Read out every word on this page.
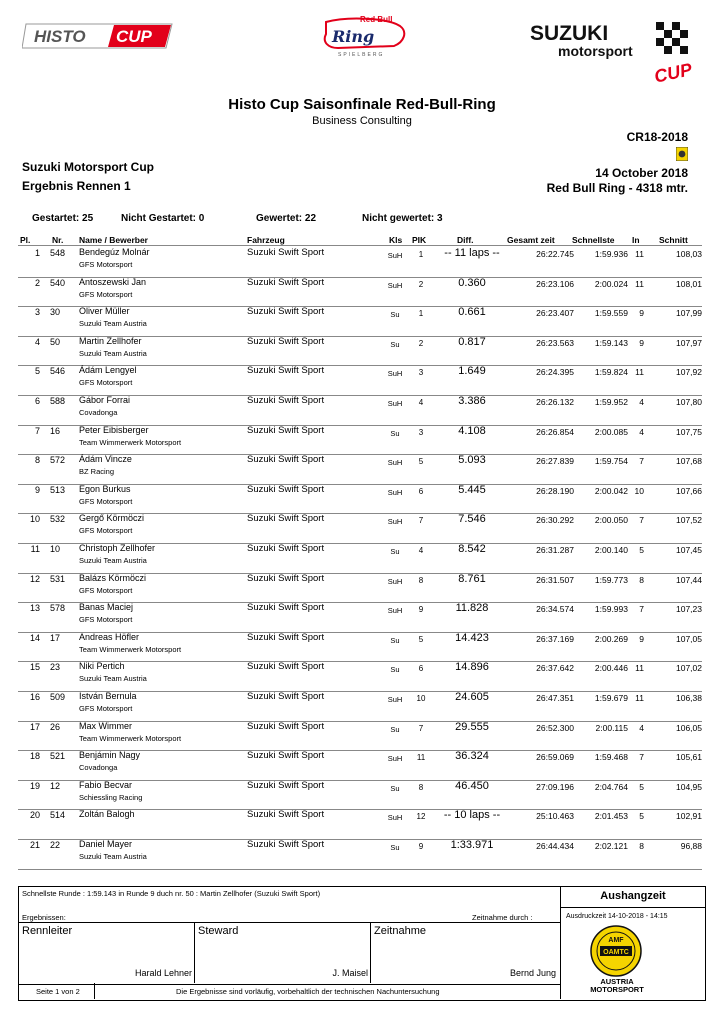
HISTO CUP
Red Bull
Ring
SPIELBERG
SUZUKI
motorsport
CUP
Histo Cup Saisonfinale Red-Bull-Ring
Business Consulting
CR18-2018
Suzuki Motorsport Cup
Ergebnis Rennen 1
14 October 2018
Red Bull Ring - 4318 mtr.
Gestartet: 25	Nicht Gestartet: 0	Gewertet: 22	Nicht gewertet: 3
Pl.	Nr. Name / Bewerber	Fahrzeug	Kls PIK	Diff.	Gesamt zeit Schnellste In Schnitt
1 548 Bendegúz Molnár
GFS Motorsport
Suzuki Swift Sport	SuH	1	-- 11 laps --	26:22.745	1:59.936 11	108,03
2 540 Antoszewski Jan
GFS Motorsport
Suzuki Swift Sport	SuH	2	0.360	26:23.106	2:00.024 11	108,01
3 30 Oliver Müller
Suzuki Team Austria
Suzuki Swift Sport	Su	1	0.661	26:23.407	1:59.559	9	107,99
4 50 Martin Zellhofer
Suzuki Team Austria
Suzuki Swift Sport	Su	2	0.817	26:23.563	1:59.143	9	107,97
5 546 Ádám Lengyel
GFS Motorsport
Suzuki Swift Sport	SuH	3	1.649	26:24.395	1:59.824 11	107,92
6 588 Gábor Forrai
Covadonga
Suzuki Swift Sport	SuH	4	3.386	26:26.132	1:59.952	4	107,80
7 16 Peter Eibisberger
Team Wimmerwerk Motorsport
Suzuki Swift Sport	Su	3	4.108	26:26.854	2:00.085	4	107,75
8 572 Ádám Vincze
BZ Racing
Suzuki Swift Sport	SuH	5	5.093	26:27.839	1:59.754	7	107,68
9 513 Egon Burkus
GFS Motorsport
Suzuki Swift Sport	SuH	6	5.445	26:28.190	2:00.042 10	107,66
10 532 Gergő Körmöczi
GFS Motorsport
Suzuki Swift Sport	SuH	7	7.546	26:30.292	2:00.050	7	107,52
11 10 Christoph Zellhofer
Suzuki Team Austria
Suzuki Swift Sport	Su	4	8.542	26:31.287	2:00.140	5	107,45
12 531 Balázs Körmöczi
GFS Motorsport
Suzuki Swift Sport	SuH	8	8.761	26:31.507	1:59.773	8	107,44
13 578 Banas Maciej
GFS Motorsport
Suzuki Swift Sport	SuH	9	11.828	26:34.574	1:59.993	7	107,23
14 17 Andreas Höfler
Team Wimmerwerk Motorsport
Suzuki Swift Sport	Su	5	14.423	26:37.169	2:00.269	9	107,05
15 23 Niki Pertich
Suzuki Team Austria
Suzuki Swift Sport	Su	6	14.896	26:37.642	2:00.446 11	107,02
16 509 István Bernula
GFS Motorsport
Suzuki Swift Sport	SuH	10	24.605	26:47.351	1:59.679 11	106,38
17 26 Max Wimmer
Team Wimmerwerk Motorsport
Suzuki Swift Sport	Su	7	29.555	26:52.300	2:00.115	4	106,05
18 521 Benjámin Nagy
Covadonga
Suzuki Swift Sport	SuH	11	36.324	26:59.069	1:59.468	7	105,61
19 12 Fabio Becvar
Schiessling Racing
Suzuki Swift Sport	Su	8	46.450	27:09.196	2:04.764	5	104,95
20 514 Zoltán Balogh	Suzuki Swift Sport	SuH	12	-- 10 laps --	25:10.463	2:01.453	5	102,91
21 22 Daniel Mayer
Suzuki Team Austria
Suzuki Swift Sport	Su	9	1:33.971	26:44.434	2:02.121	8	96,88
Schnellste Runde : 1:59.143 in Runde 9 duch nr. 50 : Martin Zellhofer (Suzuki Swift Sport)	Aushangzeit
Ergebnissen:	Zeitnahme durch :	Ausdruckzeit 14-10-2018 - 14:15
Rennleiter	Steward	Zeitnahme
Harald Lehner	J. Maisel	Bernd Jung
Seite 1 von 2	Die Ergebnisse sind vorläufig, vorbehaltlich der technischen Nachuntersuchung
AMF
OAMTC
AUSTRIA MOTORSPORT
